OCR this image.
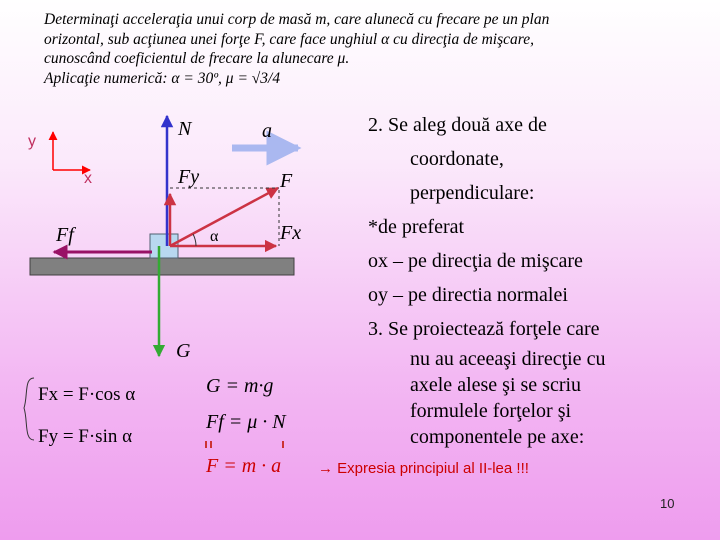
Determinaţi acceleraţia unui corp de masă m, care alunecă cu frecare pe un plan
orizontal, sub acţiunea unei forţe F, care face unghiul α cu direcţia de mişcare,
cunoscând coeficientul de frecare la alunecare μ.
Aplicaţie numerică: α = 30º, μ = √3/4
y
x
N	a
Fy	F
Fx
Ff
G
α
2. Se aleg două axe de
coordonate,
perpendiculare:
*de preferat
ox – pe direcţia de mişcare
oy – pe directia normalei
3. Se proiectează forţele care
nu au aceeaşi direcţie cu
axele alese şi se scriu
formulele forţelor şi
componentele pe axe:
Fx = F·cos α
Fy = F·sin α
G = m·g
Ff = μ · N
F = m · a → Expresia principiul al II-lea !!!
10
